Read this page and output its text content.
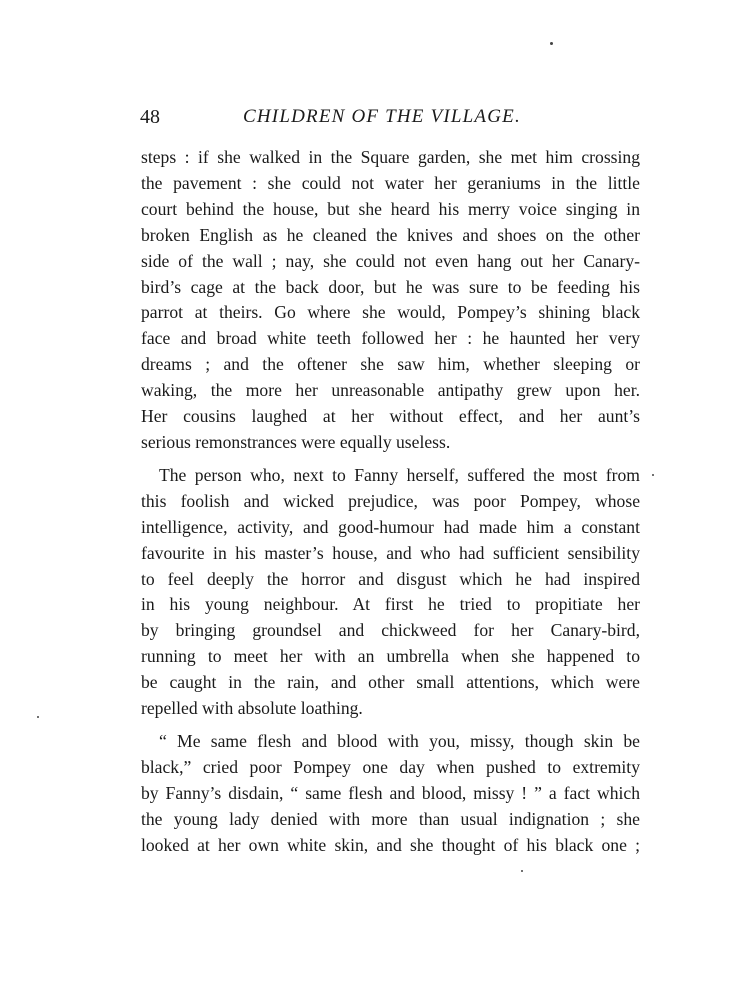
48	CHILDREN OF THE VILLAGE.
steps : if she walked in the Square garden, she met him crossing
the pavement : she could not water her geraniums in the little
court behind the house, but she heard his merry voice singing in
broken English as he cleaned the knives and shoes on the other
side of the wall ; nay, she could not even hang out her Canary-
bird’s cage at the back door, but he was sure to be feeding his
parrot at theirs. Go where she would, Pompey’s shining black
face and broad white teeth followed her : he haunted her very
dreams ; and the oftener she saw him, whether sleeping or
waking, the more her unreasonable antipathy grew upon her.
Her cousins laughed at her without effect, and her aunt’s
serious remonstrances were equally useless.
The person who, next to Fanny herself, suffered the most from
this foolish and wicked prejudice, was poor Pompey, whose
intelligence, activity, and good-humour had made him a constant
favourite in his master’s house, and who had sufficient sensibility
to feel deeply the horror and disgust which he had inspired
in his young neighbour. At first he tried to propitiate her
by bringing groundsel and chickweed for her Canary-bird,
running to meet her with an umbrella when she happened to
be caught in the rain, and other small attentions, which were
repelled with absolute loathing.
“ Me same flesh and blood with you, missy, though skin be
black,” cried poor Pompey one day when pushed to extremity
by Fanny’s disdain, “ same flesh and blood, missy ! ” a fact which
the young lady denied with more than usual indignation ; she
looked at her own white skin, and she thought of his black one ;
